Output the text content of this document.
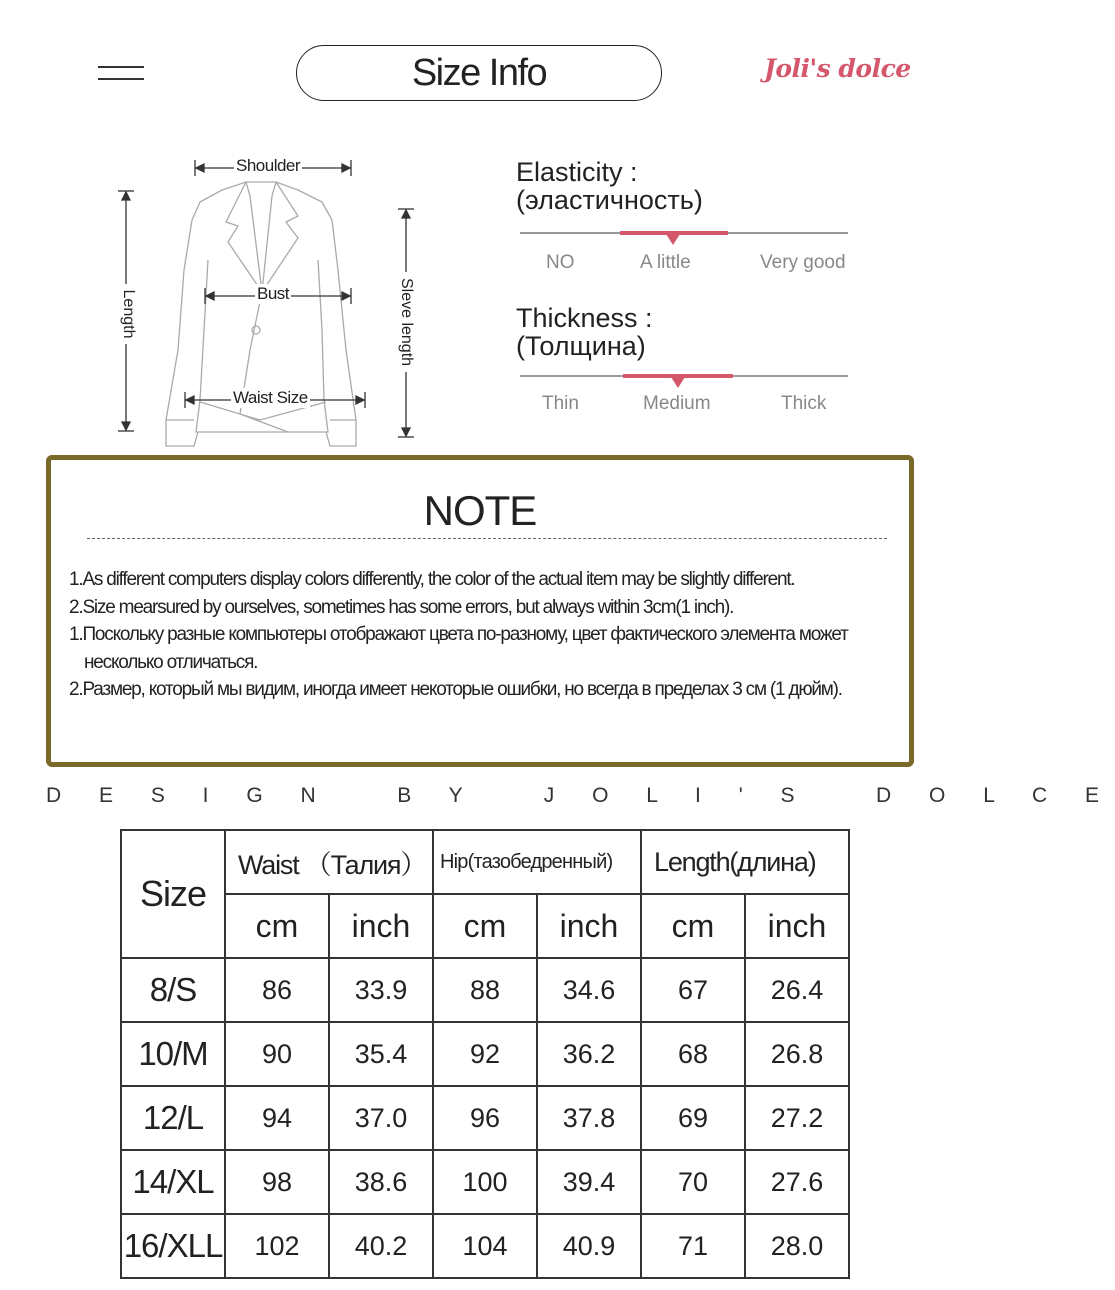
Size Info	Joli's dolce
Shoulder
Bust
Waist Size
Length	Sleve length
Elasticity :
(эластичность)
NO	A little	Very good
Thickness :
(Толщина)
Thin	Medium	Thick
NOTE
1.As different computers display colors differently, the color of the actual item may be slightly different.
2.Size mearsured by ourselves, sometimes has some errors, but always within 3cm(1 inch).
1.Поскольку разные компьютеры отображают цвета по-разному, цвет фактического элемента может несколько отличаться.
2.Размер, который мы видим, иногда имеет некоторые ошибки, но всегда в пределах 3 см (1 дюйм).
D E S I G N   B Y   J O L I ' S   D O L C E
Size	Waist （Талия）		Hip(тазобедренный)		Length(длина)	
	cm	inch	cm	inch	cm	inch
8/S	86	33.9	88	34.6	67	26.4
10/M	90	35.4	92	36.2	68	26.8
12/L	94	37.0	96	37.8	69	27.2
14/XL	98	38.6	100	39.4	70	27.6
16/XLL	102	40.2	104	40.9	71	28.0
